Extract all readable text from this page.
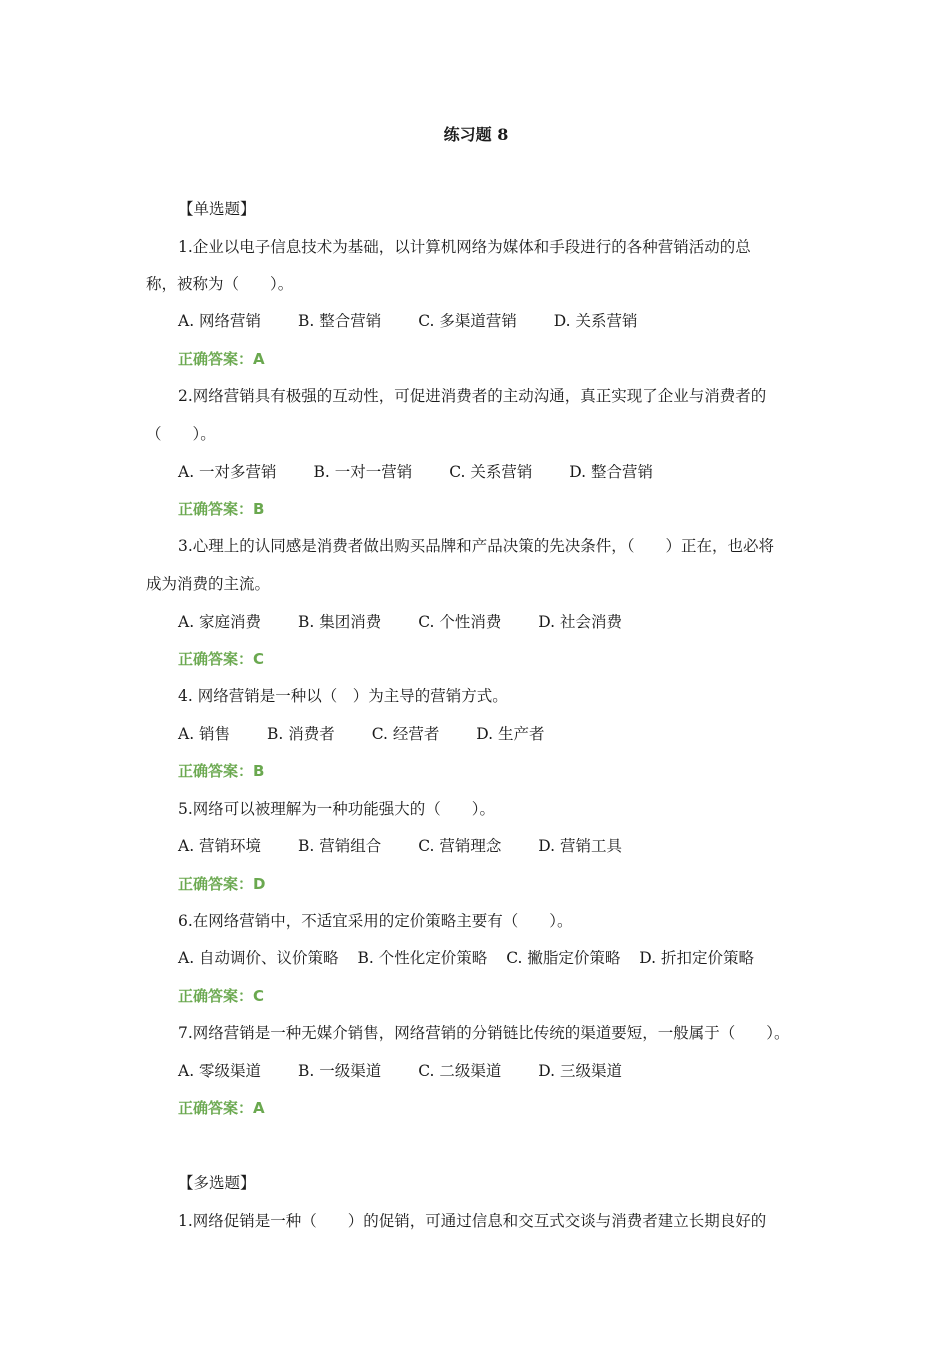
练习题 8
【单选题】
1.企业以电子信息技术为基础，以计算机网络为媒体和手段进行的各种营销活动的总
称，被称为（　　）。
A. 网络营销 B. 整合营销 C. 多渠道营销 D. 关系营销
正确答案：A
2.网络营销具有极强的互动性，可促进消费者的主动沟通，真正实现了企业与消费者的
（　　）。
A. 一对多营销 B. 一对一营销 C. 关系营销 D. 整合营销
正确答案：B
3.心理上的认同感是消费者做出购买品牌和产品决策的先决条件，（　　）正在，也必将
成为消费的主流。
A. 家庭消费 B. 集团消费 C. 个性消费 D. 社会消费
正确答案：C
4. 网络营销是一种以（　）为主导的营销方式。
A. 销售 B. 消费者 C. 经营者 D. 生产者
正确答案：B
5.网络可以被理解为一种功能强大的（　　）。
A. 营销环境 B. 营销组合 C. 营销理念 D. 营销工具
正确答案：D
6.在网络营销中，不适宜采用的定价策略主要有（　　）。
A. 自动调价、议价策略 B. 个性化定价策略 C. 撇脂定价策略 D. 折扣定价策略
正确答案：C
7.网络营销是一种无媒介销售，网络营销的分销链比传统的渠道要短，一般属于（　　）。
A. 零级渠道 B. 一级渠道 C. 二级渠道 D. 三级渠道
正确答案：A
【多选题】
1.网络促销是一种（　　）的促销，可通过信息和交互式交谈与消费者建立长期良好的
